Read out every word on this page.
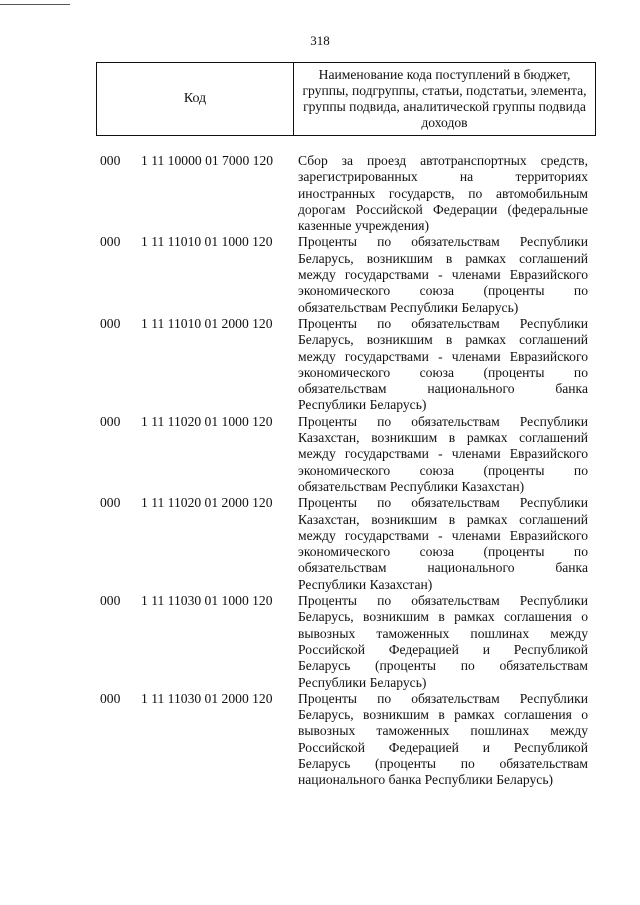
318
Код
Наименование кода поступлений в бюджет, группы, подгруппы, статьи, подстатьи, элемента, группы подвида, аналитической группы подвида доходов
000 1 11 10000 01 7000 120 Сбор за проезд автотранспортных средств,
зарегистрированных на территориях
иностранных государств, по автомобильным
дорогам Российской Федерации (федеральные
казенные учреждения)
000 1 11 11010 01 1000 120 Проценты по обязательствам Республики
Беларусь, возникшим в рамках соглашений
между государствами - членами Евразийского
экономического союза (проценты по
обязательствам Республики Беларусь)
000 1 11 11010 01 2000 120 Проценты по обязательствам Республики
Беларусь, возникшим в рамках соглашений
между государствами - членами Евразийского
экономического союза (проценты по
обязательствам национального банка
Республики Беларусь)
000 1 11 11020 01 1000 120 Проценты по обязательствам Республики
Казахстан, возникшим в рамках соглашений
между государствами - членами Евразийского
экономического союза (проценты по
обязательствам Республики Казахстан)
000 1 11 11020 01 2000 120 Проценты по обязательствам Республики
Казахстан, возникшим в рамках соглашений
между государствами - членами Евразийского
экономического союза (проценты по
обязательствам национального банка
Республики Казахстан)
000 1 11 11030 01 1000 120 Проценты по обязательствам Республики
Беларусь, возникшим в рамках соглашения о
вывозных таможенных пошлинах между
Российской Федерацией и Республикой
Беларусь (проценты по обязательствам
Республики Беларусь)
000 1 11 11030 01 2000 120 Проценты по обязательствам Республики
Беларусь, возникшим в рамках соглашения о
вывозных таможенных пошлинах между
Российской Федерацией и Республикой
Беларусь (проценты по обязательствам
национального банка Республики Беларусь)
